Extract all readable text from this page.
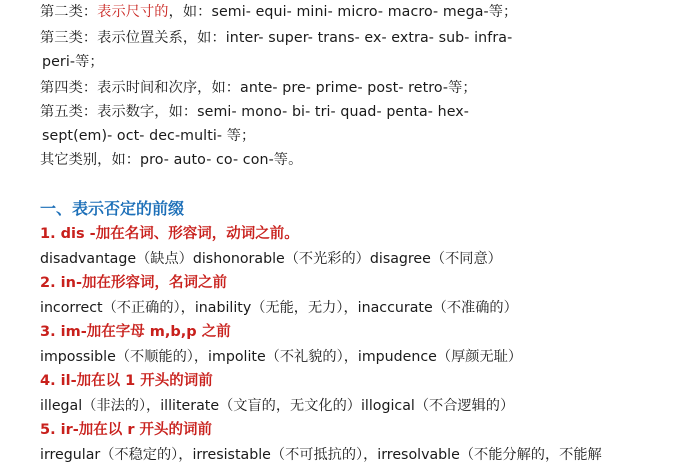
第二类：表示尺寸的，如：semi- equi- mini- micro- macro- mega-等；
第三类：表示位置关系，如：inter- super- trans- ex- extra- sub- infra-
peri-等；
第四类：表示时间和次序，如：ante- pre- prime- post- retro-等；
第五类：表示数字，如：semi- mono- bi- tri- quad- penta- hex-
sept(em)- oct- dec-multi- 等；
其它类别，如：pro- auto- co- con-等。
一、表示否定的前缀
1. dis -加在名词、形容词，动词之前。
disadvantage（缺点）dishonorable（不光彩的）disagree（不同意）
2. in-加在形容词，名词之前
incorrect（不正确的），inability（无能，无力），inaccurate（不准确的）
3. im-加在字母 m,b,p 之前
impossible（不顺能的），impolite（不礼貌的），impudence（厚颜无耻）
4. il-加在以 1 开头的词前
illegal（非法的），illiterate（文盲的，无文化的）illogical（不合逻辑的）
5. ir-加在以 r 开头的词前
irregular（不稳定的），irresistable（不可抵抗的），irresolvable（不能分解的，不能解
